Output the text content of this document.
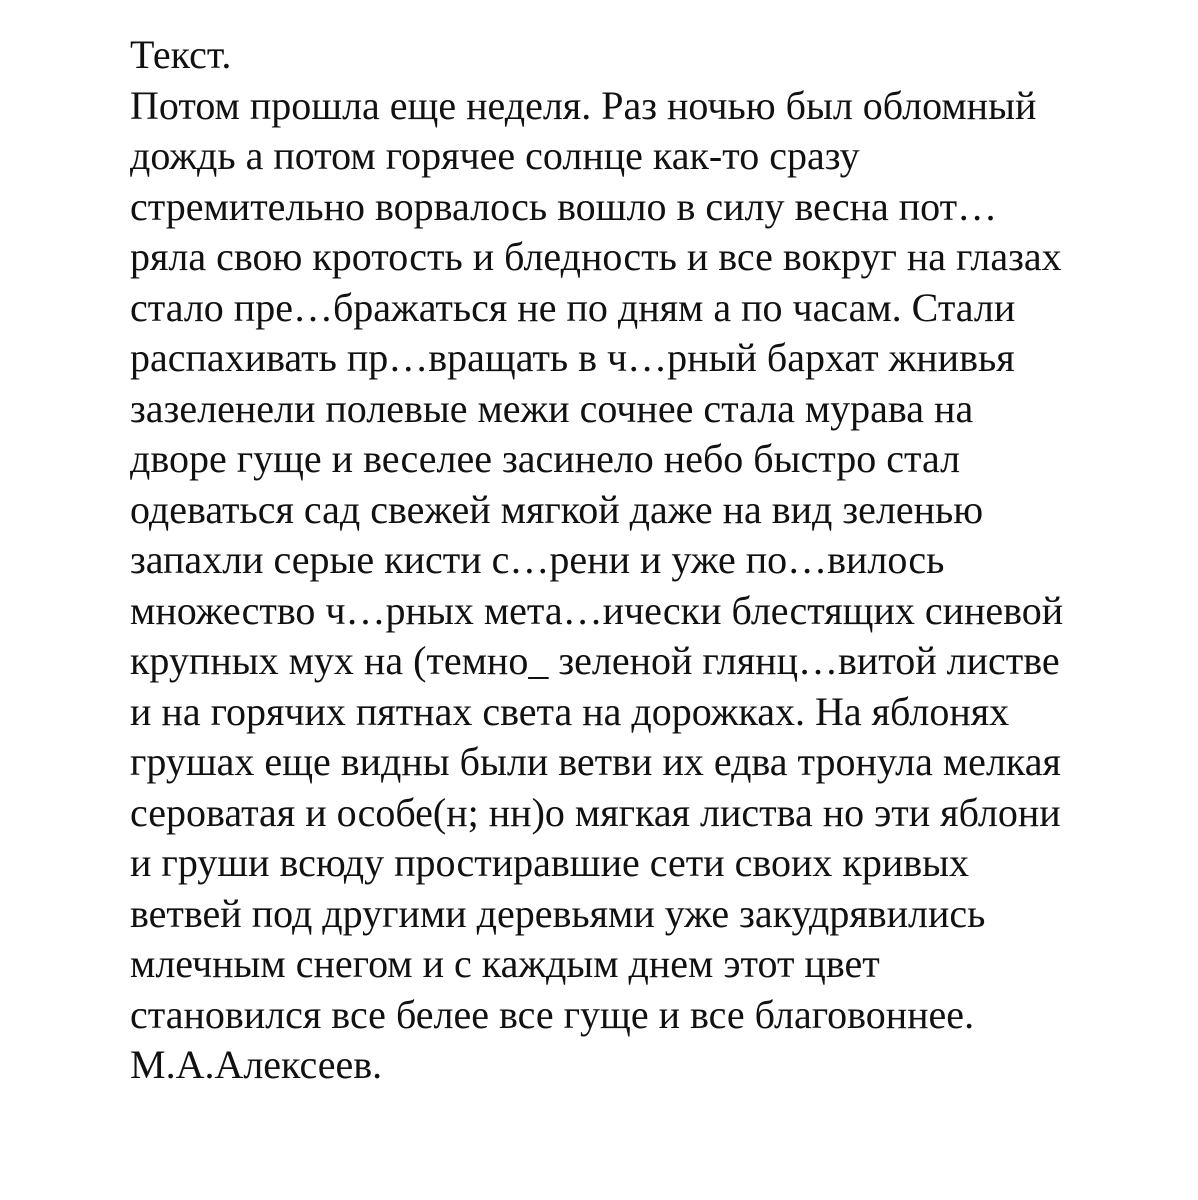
Текст.
Потом прошла еще неделя. Раз ночью был обломный
дождь а потом горячее солнце как-то сразу
стремительно ворвалось вошло в силу весна пот…
ряла свою кротость и бледность и все вокруг на глазах
стало пре…бражаться не по дням а по часам. Стали
распахивать пр…вращать в ч…рный бархат жнивья
зазеленели полевые межи сочнее стала мурава на
дворе гуще и веселее засинело небо быстро стал
одеваться сад свежей мягкой даже на вид зеленью
запахли серые кисти с…рени и уже по…вилось
множество ч…рных мета…ически блестящих синевой
крупных мух на (темно_ зеленой глянц…витой листве
и на горячих пятнах света на дорожках. На яблонях
грушах еще видны были ветви их едва тронула мелкая
сероватая и особе(н; нн)о мягкая листва но эти яблони
и груши всюду простиравшие сети своих кривых
ветвей под другими деревьями уже закудрявились
млечным снегом и с каждым днем этот цвет
становился все белее все гуще и все благовоннее.
М.А.Алексеев.
